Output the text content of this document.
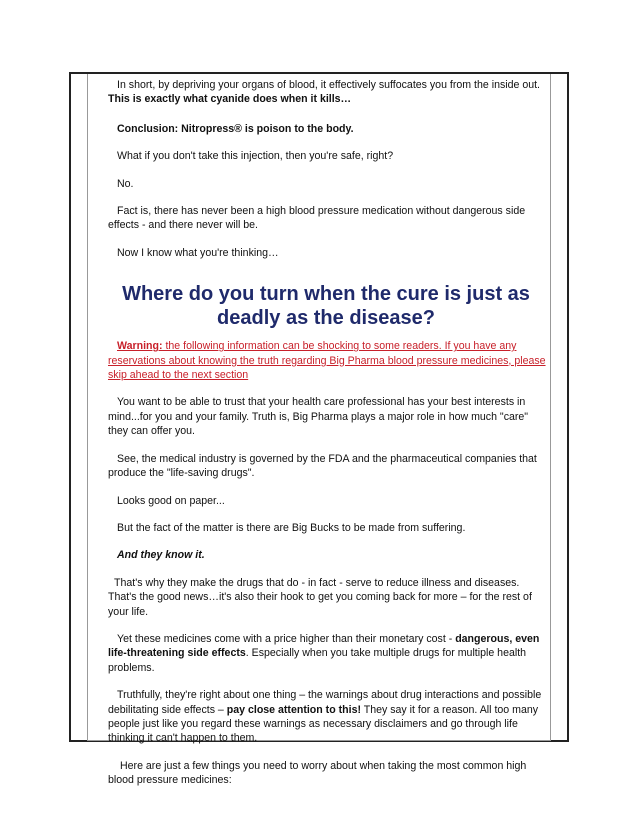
In short, by depriving your organs of blood, it effectively suffocates you from the inside out.
This is exactly what cyanide does when it kills…

Conclusion: Nitropress® is poison to the body.

What if you don't take this injection, then you're safe, right?

No.

Fact is, there has never been a high blood pressure medication without dangerous side effects - and there never will be.

Now I know what you're thinking…

Where do you turn when the cure is just as deadly as the disease?

Warning: the following information can be shocking to some readers. If you have any reservations about knowing the truth regarding Big Pharma blood pressure medicines, please skip ahead to the next section

You want to be able to trust that your health care professional has your best interests in mind...for you and your family. Truth is, Big Pharma plays a major role in how much "care" they can offer you.

See, the medical industry is governed by the FDA and the pharmaceutical companies that produce the "life-saving drugs".

Looks good on paper...

But the fact of the matter is there are Big Bucks to be made from suffering.

And they know it.

That's why they make the drugs that do - in fact - serve to reduce illness and diseases. That's the good news…it's also their hook to get you coming back for more – for the rest of your life.

Yet these medicines come with a price higher than their monetary cost - dangerous, even life-threatening side effects. Especially when you take multiple drugs for multiple health problems.

Truthfully, they're right about one thing – the warnings about drug interactions and possible debilitating side effects – pay close attention to this! They say it for a reason. All too many people just like you regard these warnings as necessary disclaimers and go through life thinking it can't happen to them.

Here are just a few things you need to worry about when taking the most common high blood pressure medicines:
